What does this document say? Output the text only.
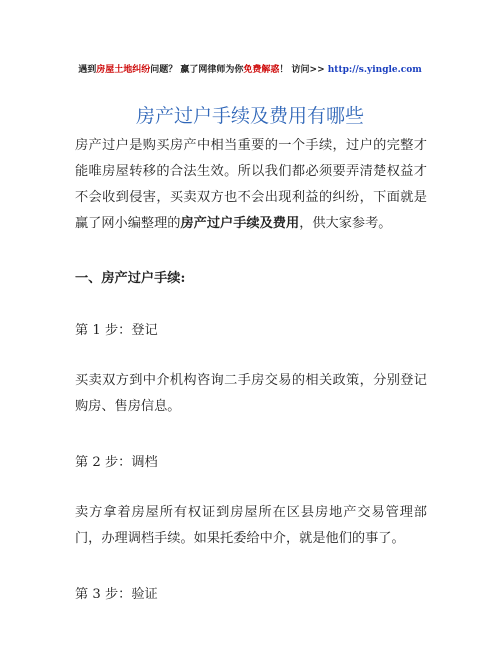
遇到房屋土地纠纷问题？ 赢了网律师为你免费解惑！ 访问>> http://s.yingle.com
房产过户手续及费用有哪些
房产过户是购买房产中相当重要的一个手续，过户的完整才能唯房屋转移的合法生效。所以我们都必须要弄清楚权益才不会收到侵害，买卖双方也不会出现利益的纠纷，下面就是赢了网小编整理的房产过户手续及费用，供大家参考。
一、房产过户手续:
第 1 步：登记
买卖双方到中介机构咨询二手房交易的相关政策，分别登记购房、售房信息。
第 2 步：调档
卖方拿着房屋所有权证到房屋所在区县房地产交易管理部门，办理调档手续。如果托委给中介，就是他们的事了。
第 3 步：验证
